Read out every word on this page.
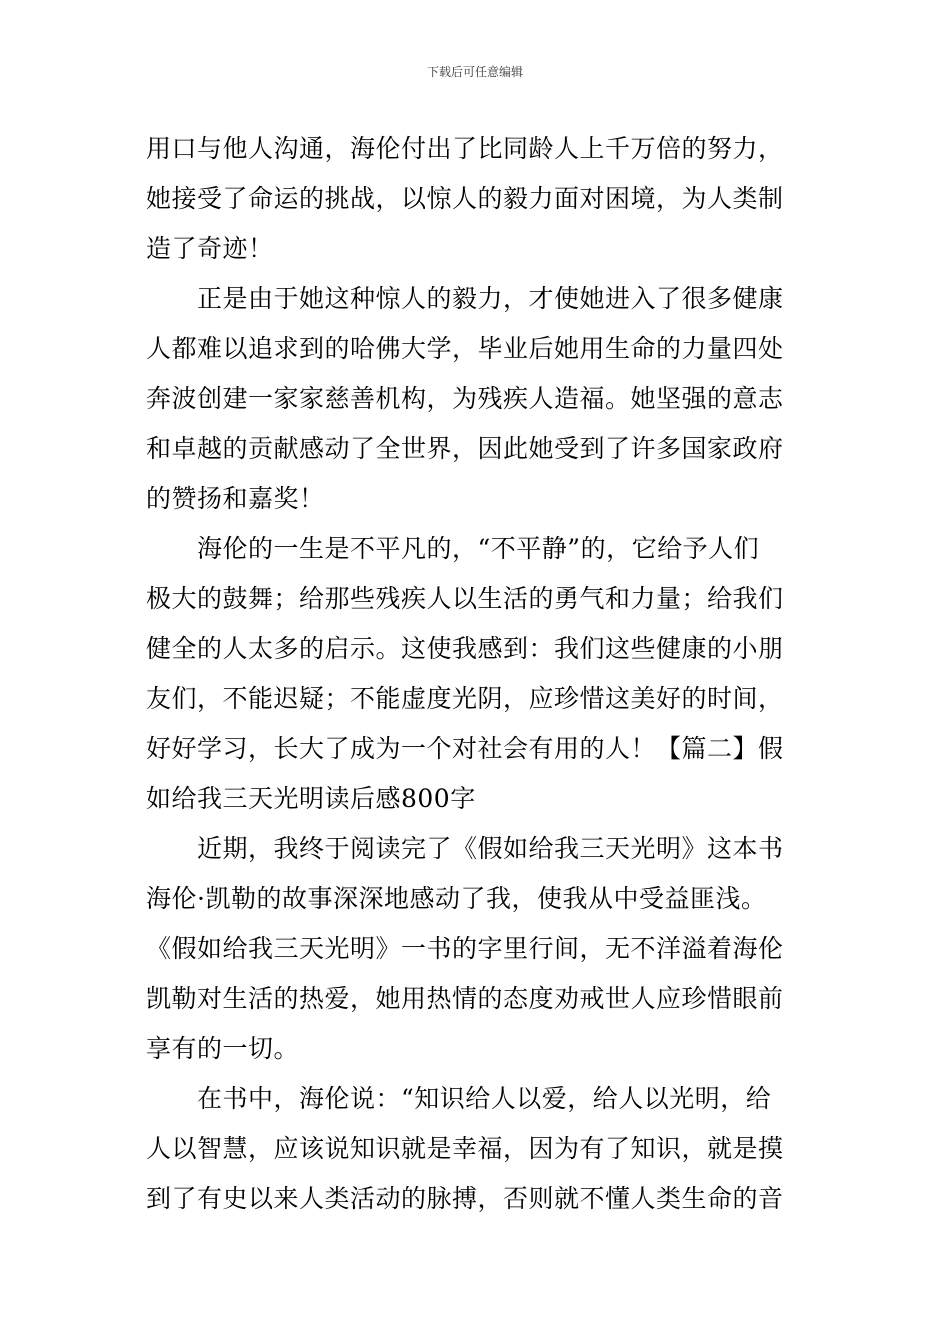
下载后可任意编辑
用口与他人沟通，海伦付出了比同龄人上千万倍的努力，
她接受了命运的挑战，以惊人的毅力面对困境，为人类制
造了奇迹！
正是由于她这种惊人的毅力，才使她进入了很多健康
人都难以追求到的哈佛大学，毕业后她用生命的力量四处
奔波创建一家家慈善机构，为残疾人造福。她坚强的意志
和卓越的贡献感动了全世界，因此她受到了许多国家政府
的赞扬和嘉奖！
海伦的一生是不平凡的，“不平静”的，它给予人们
极大的鼓舞；给那些残疾人以生活的勇气和力量；给我们
健全的人太多的启示。这使我感到：我们这些健康的小朋
友们，不能迟疑；不能虚度光阴，应珍惜这美好的时间，
好好学习，长大了成为一个对社会有用的人！【篇二】假
如给我三天光明读后感800字
近期，我终于阅读完了《假如给我三天光明》这本书
海伦·凯勒的故事深深地感动了我，使我从中受益匪浅。
《假如给我三天光明》一书的字里行间，无不洋溢着海伦
凯勒对生活的热爱，她用热情的态度劝戒世人应珍惜眼前
享有的一切。
在书中，海伦说：“知识给人以爱，给人以光明，给
人以智慧，应该说知识就是幸福，因为有了知识，就是摸
到了有史以来人类活动的脉搏，否则就不懂人类生命的音
